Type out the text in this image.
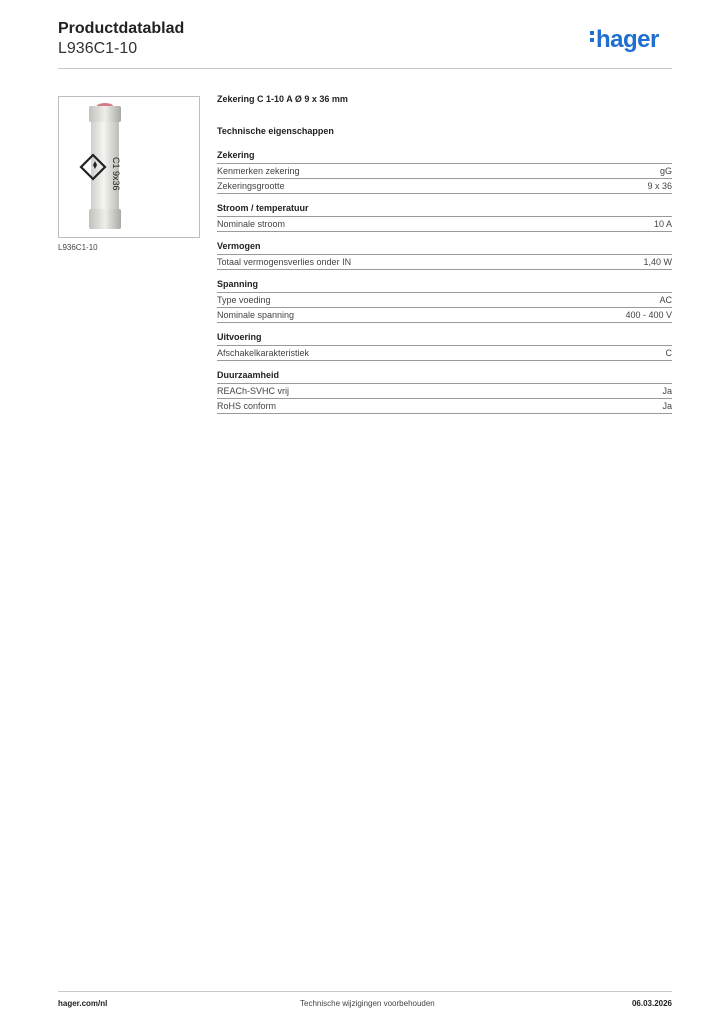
Productdatablad
L936C1-10	hager
C1 9x36
L936C1-10
Zekering C 1-10 A Ø 9 x 36 mm
Technische eigenschappen
Zekering
Kenmerken zekering	gG
Zekeringsgrootte	9 x 36
Stroom / temperatuur
Nominale stroom	10 A
Vermogen
Totaal vermogensverlies onder IN	1,40 W
Spanning
Type voeding	AC
Nominale spanning	400 - 400 V
Uitvoering
Afschakelkarakteristiek	C
Duurzaamheid
REACh-SVHC vrij	Ja
RoHS conform	Ja
hager.com/nl	Technische wijzigingen voorbehouden	06.03.2026
